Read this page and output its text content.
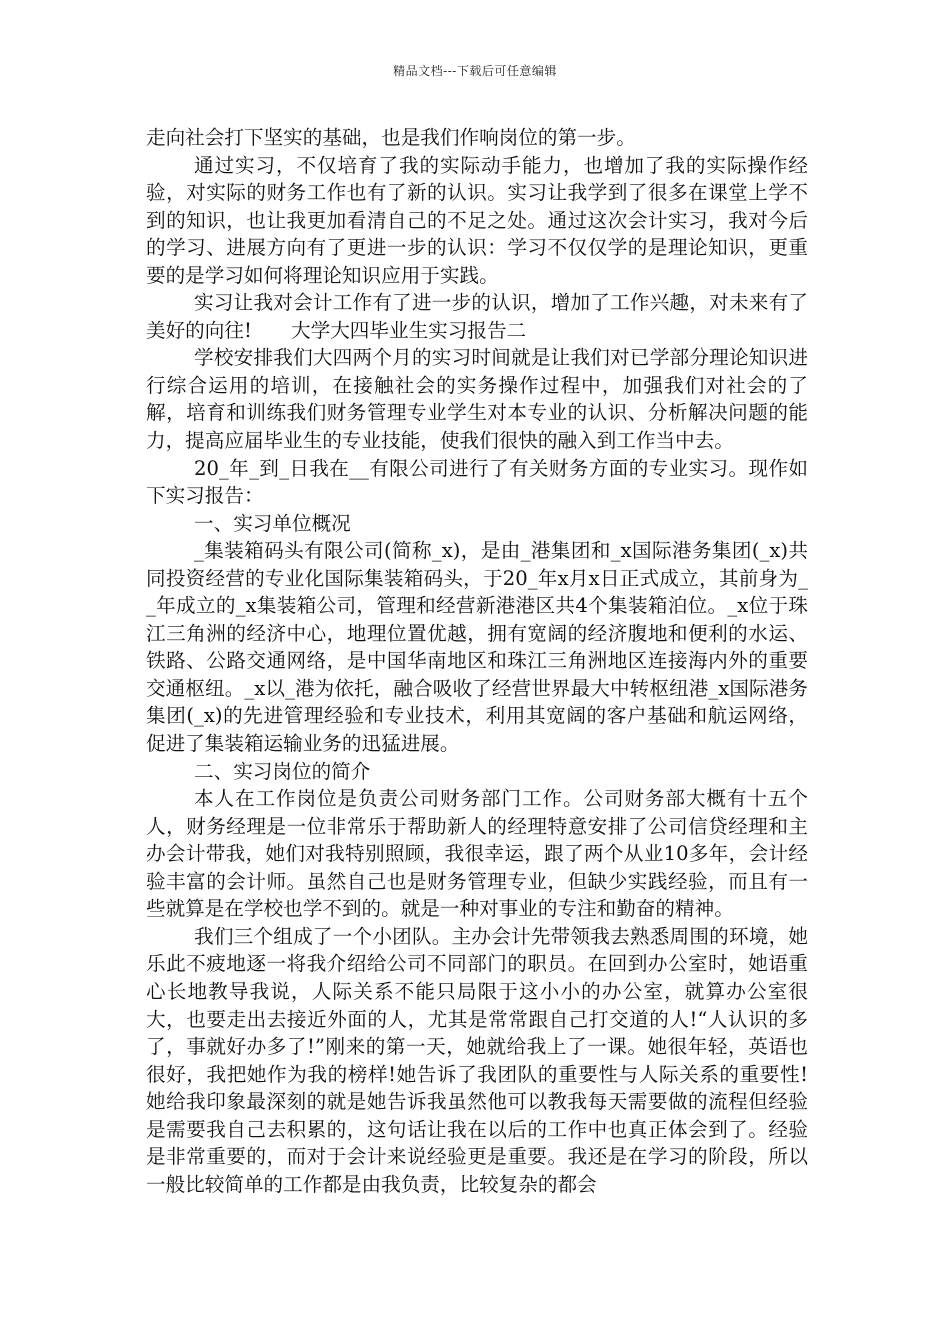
精品文档---下载后可任意编辑

走向社会打下坚实的基础，也是我们作响岗位的第一步。

通过实习，不仅培育了我的实际动手能力，也增加了我的实际操作经验，对实际的财务工作也有了新的认识。实习让我学到了很多在课堂上学不到的知识，也让我更加看清自己的不足之处。通过这次会计实习，我对今后的学习、进展方向有了更进一步的认识：学习不仅仅学的是理论知识，更重要的是学习如何将理论知识应用于实践。

实习让我对会计工作有了进一步的认识，增加了工作兴趣，对未来有了美好的向往!　　大学大四毕业生实习报告二

学校安排我们大四两个月的实习时间就是让我们对已学部分理论知识进行综合运用的培训，在接触社会的实务操作过程中，加强我们对社会的了解，培育和训练我们财务管理专业学生对本专业的认识、分析解决问题的能力，提高应届毕业生的专业技能，使我们很快的融入到工作当中去。

20_年_到_日我在__有限公司进行了有关财务方面的专业实习。现作如下实习报告：

一、实习单位概况

_集装箱码头有限公司(简称_x)，是由_港集团和_x国际港务集团(_x)共同投资经营的专业化国际集装箱码头，于20_年x月x日正式成立，其前身为__年成立的_x集装箱公司，管理和经营新港港区共4个集装箱泊位。_x位于珠江三角洲的经济中心，地理位置优越，拥有宽阔的经济腹地和便利的水运、铁路、公路交通网络，是中国华南地区和珠江三角洲地区连接海内外的重要交通枢纽。_x以_港为依托，融合吸收了经营世界最大中转枢纽港_x国际港务集团(_x)的先进管理经验和专业技术，利用其宽阔的客户基础和航运网络，促进了集装箱运输业务的迅猛进展。

二、实习岗位的简介

本人在工作岗位是负责公司财务部门工作。公司财务部大概有十五个人，财务经理是一位非常乐于帮助新人的经理特意安排了公司信贷经理和主办会计带我，她们对我特别照顾，我很幸运，跟了两个从业10多年，会计经验丰富的会计师。虽然自己也是财务管理专业，但缺少实践经验，而且有一些就算是在学校也学不到的。就是一种对事业的专注和勤奋的精神。

我们三个组成了一个小团队。主办会计先带领我去熟悉周围的环境，她乐此不疲地逐一将我介绍给公司不同部门的职员。在回到办公室时，她语重心长地教导我说，人际关系不能只局限于这小小的办公室，就算办公室很大，也要走出去接近外面的人，尤其是常常跟自己打交道的人!“人认识的多了，事就好办多了!”刚来的第一天，她就给我上了一课。她很年轻，英语也很好，我把她作为我的榜样!她告诉了我团队的重要性与人际关系的重要性!她给我印象最深刻的就是她告诉我虽然他可以教我每天需要做的流程但经验是需要我自己去积累的，这句话让我在以后的工作中也真正体会到了。经验是非常重要的，而对于会计来说经验更是重要。我还是在学习的阶段，所以一般比较简单的工作都是由我负责，比较复杂的都会
